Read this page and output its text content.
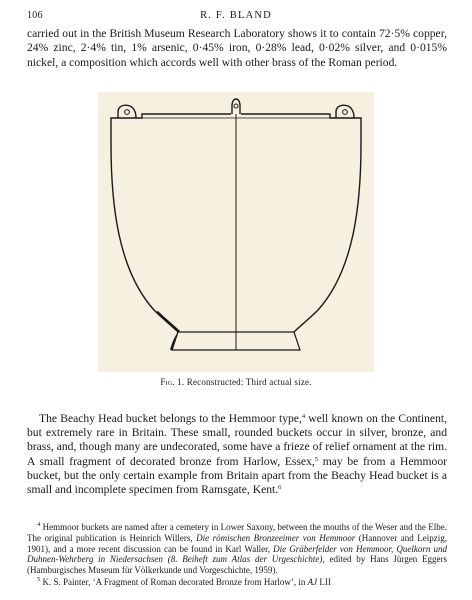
106	R. F. BLAND

carried out in the British Museum Research Laboratory shows it to contain 72·5% copper, 24% zinc, 2·4% tin, 1% arsenic, 0·45% iron, 0·28% lead, 0·02% silver, and 0·015% nickel, a composition which accords well with other brass of the Roman period.

Fig. 1. Reconstructed: Third actual size.

The Beachy Head bucket belongs to the Hemmoor type,$^4$ well known on the Continent, but extremely rare in Britain. These small, rounded buckets occur in silver, bronze, and brass, and, though many are undecorated, some have a frieze of relief ornament at the rim. A small fragment of decorated bronze from Harlow, Essex,$^5$ may be from a Hemmoor bucket, but the only certain example from Britain apart from the Beachy Head bucket is a small and incomplete specimen from Ramsgate, Kent.$^6$

$^4$ Hemmoor buckets are named after a cemetery in Lower Saxony, between the mouths of the Weser and the Elbe. The original publication is Heinrich Willers, Die römischen Bronzeeimer von Hemmoor (Hannover and Leipzig, 1901), and a more recent discussion can be found in Karl Waller, Die Gräberfelder von Hemmoor, Quelkorn und Duhnen-Wehrberg in Niedersachsen (8. Beiheft zum Atlas der Urgeschichte), edited by Hans Jürgen Eggers (Hamburgisches Museum für Völkerkunde und Vorgeschichte, 1959).

$^5$ K. S. Painter, ‘A Fragment of Roman decorated Bronze from Harlow’, in AJ LII
